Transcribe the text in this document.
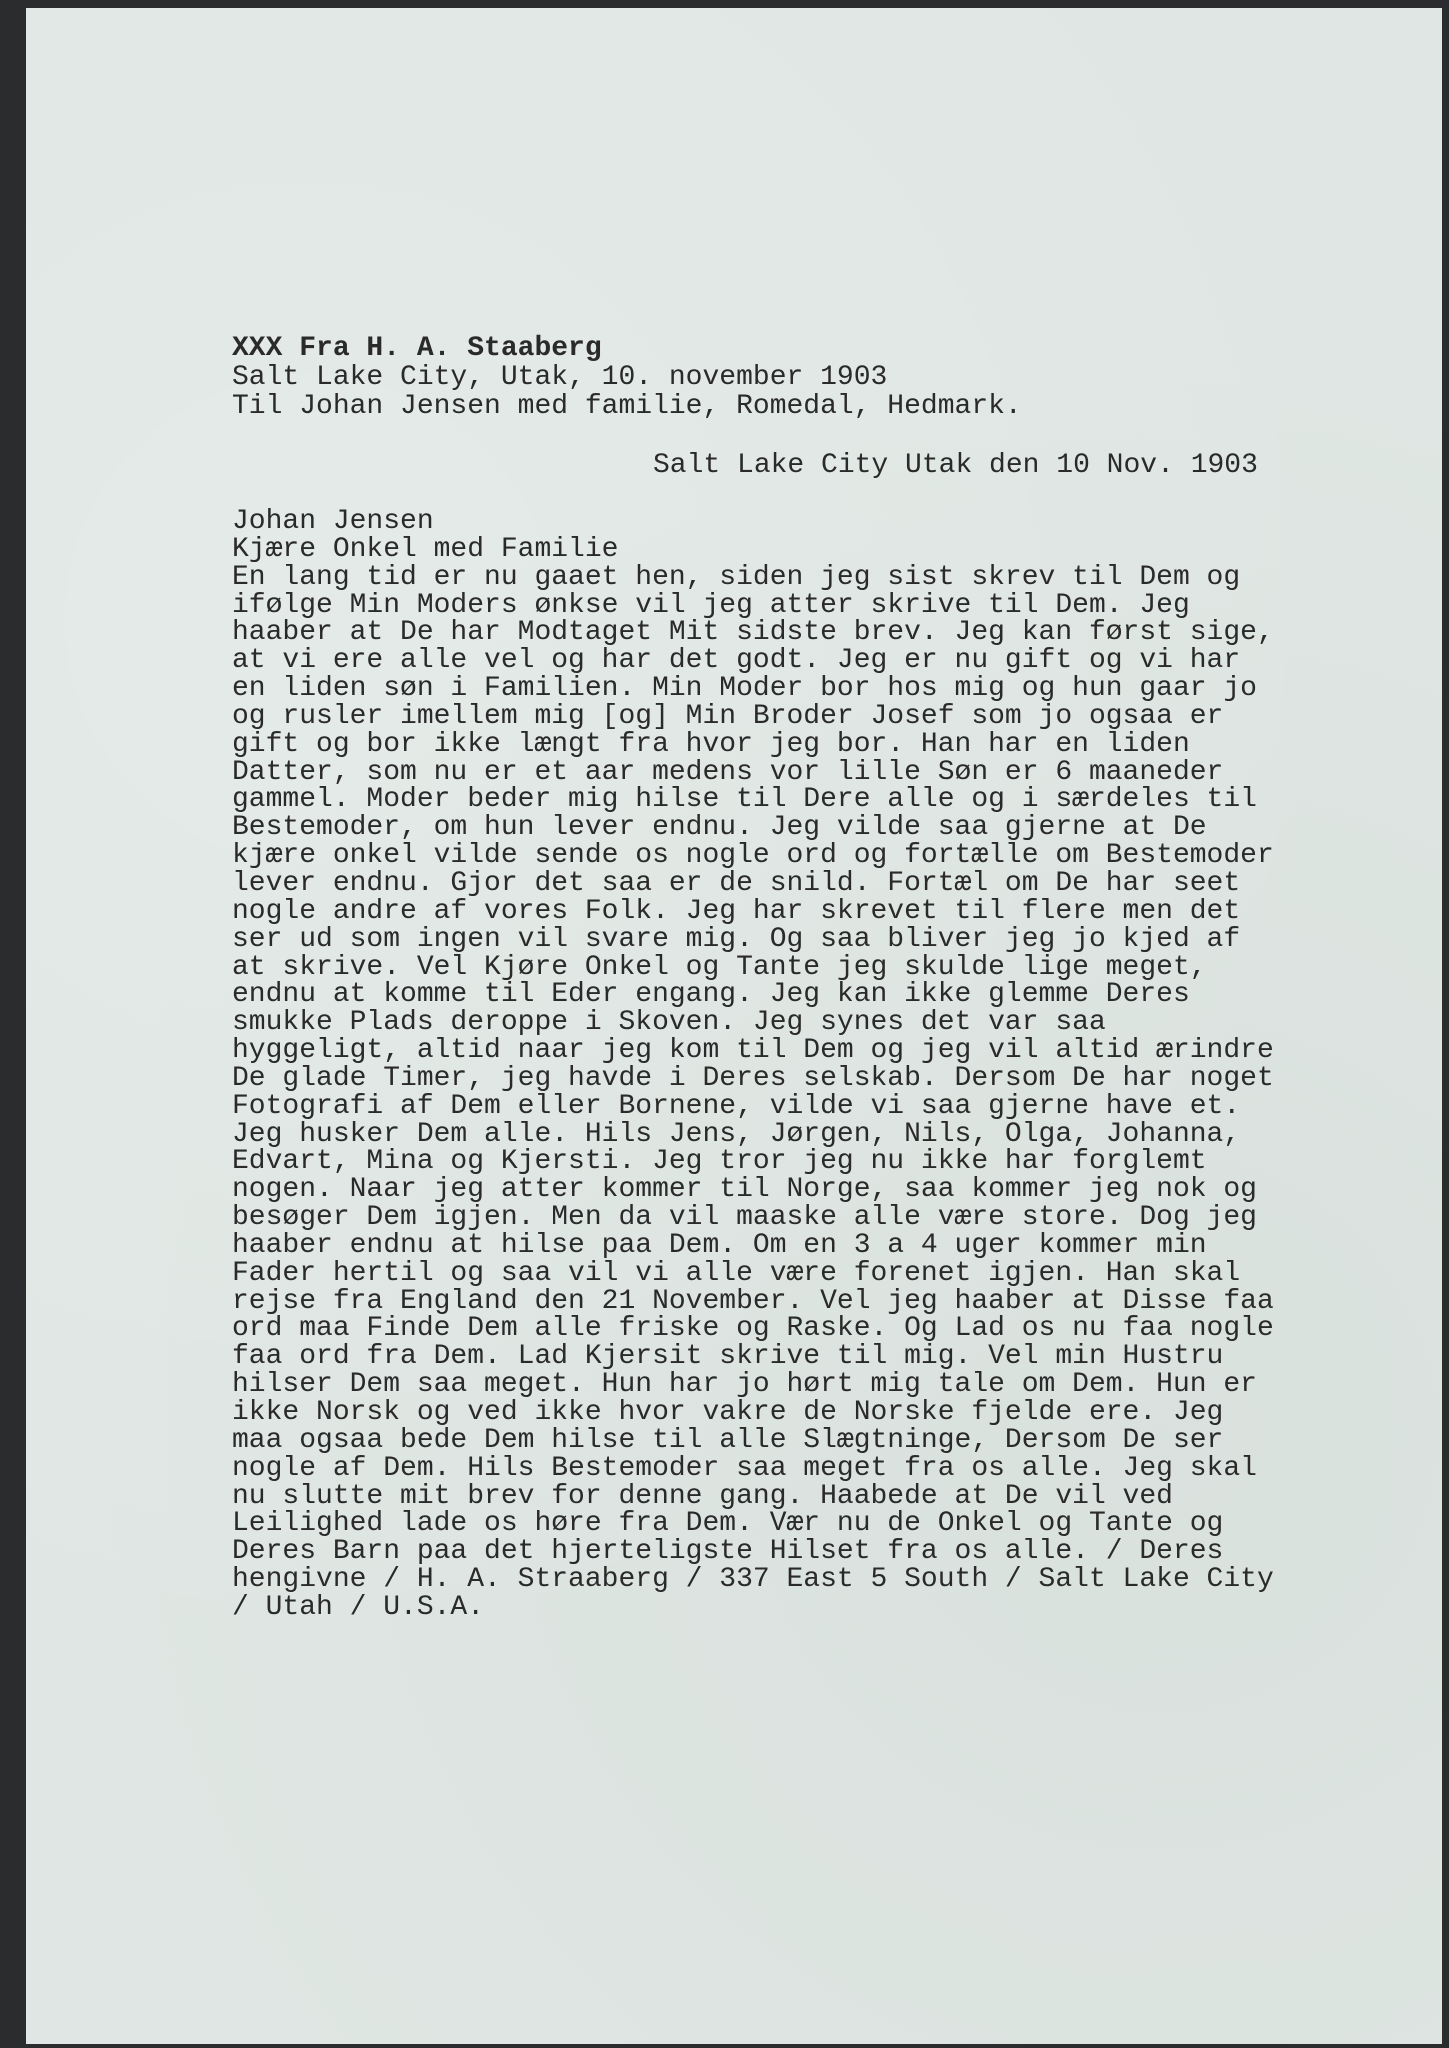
XXX Fra H. A. Staaberg
Salt Lake City, Utak, 10. november 1903
Til Johan Jensen med familie, Romedal, Hedmark.
Salt Lake City Utak den 10 Nov. 1903
Johan Jensen
Kjære Onkel med Familie
En lang tid er nu gaaet hen, siden jeg sist skrev til Dem og
ifølge Min Moders ønkse vil jeg atter skrive til Dem. Jeg
haaber at De har Modtaget Mit sidste brev. Jeg kan først sige,
at vi ere alle vel og har det godt. Jeg er nu gift og vi har
en liden søn i Familien. Min Moder bor hos mig og hun gaar jo
og rusler imellem mig [og] Min Broder Josef som jo ogsaa er
gift og bor ikke længt fra hvor jeg bor. Han har en liden
Datter, som nu er et aar medens vor lille Søn er 6 maaneder
gammel. Moder beder mig hilse til Dere alle og i særdeles til
Bestemoder, om hun lever endnu. Jeg vilde saa gjerne at De
kjære onkel vilde sende os nogle ord og fortælle om Bestemoder
lever endnu. Gjor det saa er de snild. Fortæl om De har seet
nogle andre af vores Folk. Jeg har skrevet til flere men det
ser ud som ingen vil svare mig. Og saa bliver jeg jo kjed af
at skrive. Vel Kjøre Onkel og Tante jeg skulde lige meget,
endnu at komme til Eder engang. Jeg kan ikke glemme Deres
smukke Plads deroppe i Skoven. Jeg synes det var saa
hyggeligt, altid naar jeg kom til Dem og jeg vil altid ærindre
De glade Timer, jeg havde i Deres selskab. Dersom De har noget
Fotografi af Dem eller Bornene, vilde vi saa gjerne have et.
Jeg husker Dem alle. Hils Jens, Jørgen, Nils, Olga, Johanna,
Edvart, Mina og Kjersti. Jeg tror jeg nu ikke har forglemt
nogen. Naar jeg atter kommer til Norge, saa kommer jeg nok og
besøger Dem igjen. Men da vil maaske alle være store. Dog jeg
haaber endnu at hilse paa Dem. Om en 3 a 4 uger kommer min
Fader hertil og saa vil vi alle være forenet igjen. Han skal
rejse fra England den 21 November. Vel jeg haaber at Disse faa
ord maa Finde Dem alle friske og Raske. Og Lad os nu faa nogle
faa ord fra Dem. Lad Kjersit skrive til mig. Vel min Hustru
hilser Dem saa meget. Hun har jo hørt mig tale om Dem. Hun er
ikke Norsk og ved ikke hvor vakre de Norske fjelde ere. Jeg
maa ogsaa bede Dem hilse til alle Slægtninge, Dersom De ser
nogle af Dem. Hils Bestemoder saa meget fra os alle. Jeg skal
nu slutte mit brev for denne gang. Haabede at De vil ved
Leilighed lade os høre fra Dem. Vær nu de Onkel og Tante og
Deres Barn paa det hjerteligste Hilset fra os alle. / Deres
hengivne / H. A. Straaberg / 337 East 5 South / Salt Lake City
/ Utah / U.S.A.
